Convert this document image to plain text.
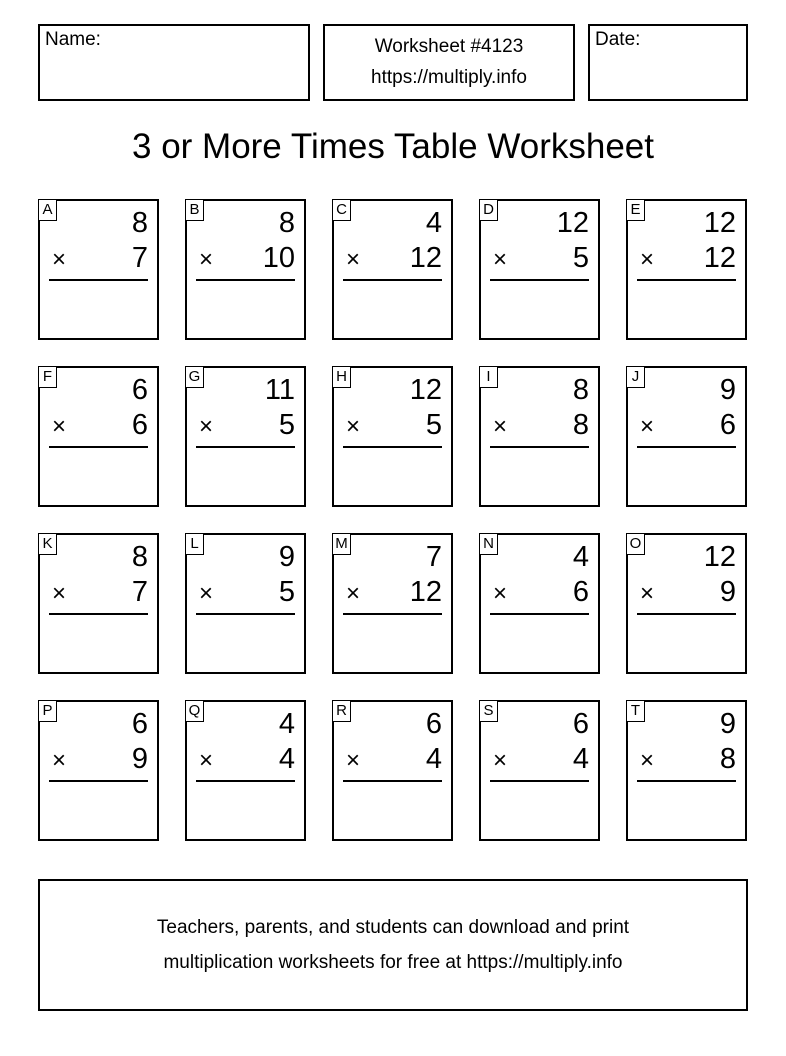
Name:	Worksheet #4123
https://multiply.info
Date:
3 or More Times Table Worksheet
A	8
× 7
B	8
× 10
C	4
× 12
D 12
× 5
E 12
× 12
F	6
× 6
G 11
× 5
H 12
× 5
I	8
× 8
J	9
× 6
K	8
× 7
L	9
× 5
M	7
× 12
N	4
× 6
O 12
× 9
P	6
× 9
Q	4
× 4
R	6
× 4
S	6
× 4
T	9
× 8
Teachers, parents, and students can download and print
multiplication worksheets for free at https://multiply.info
